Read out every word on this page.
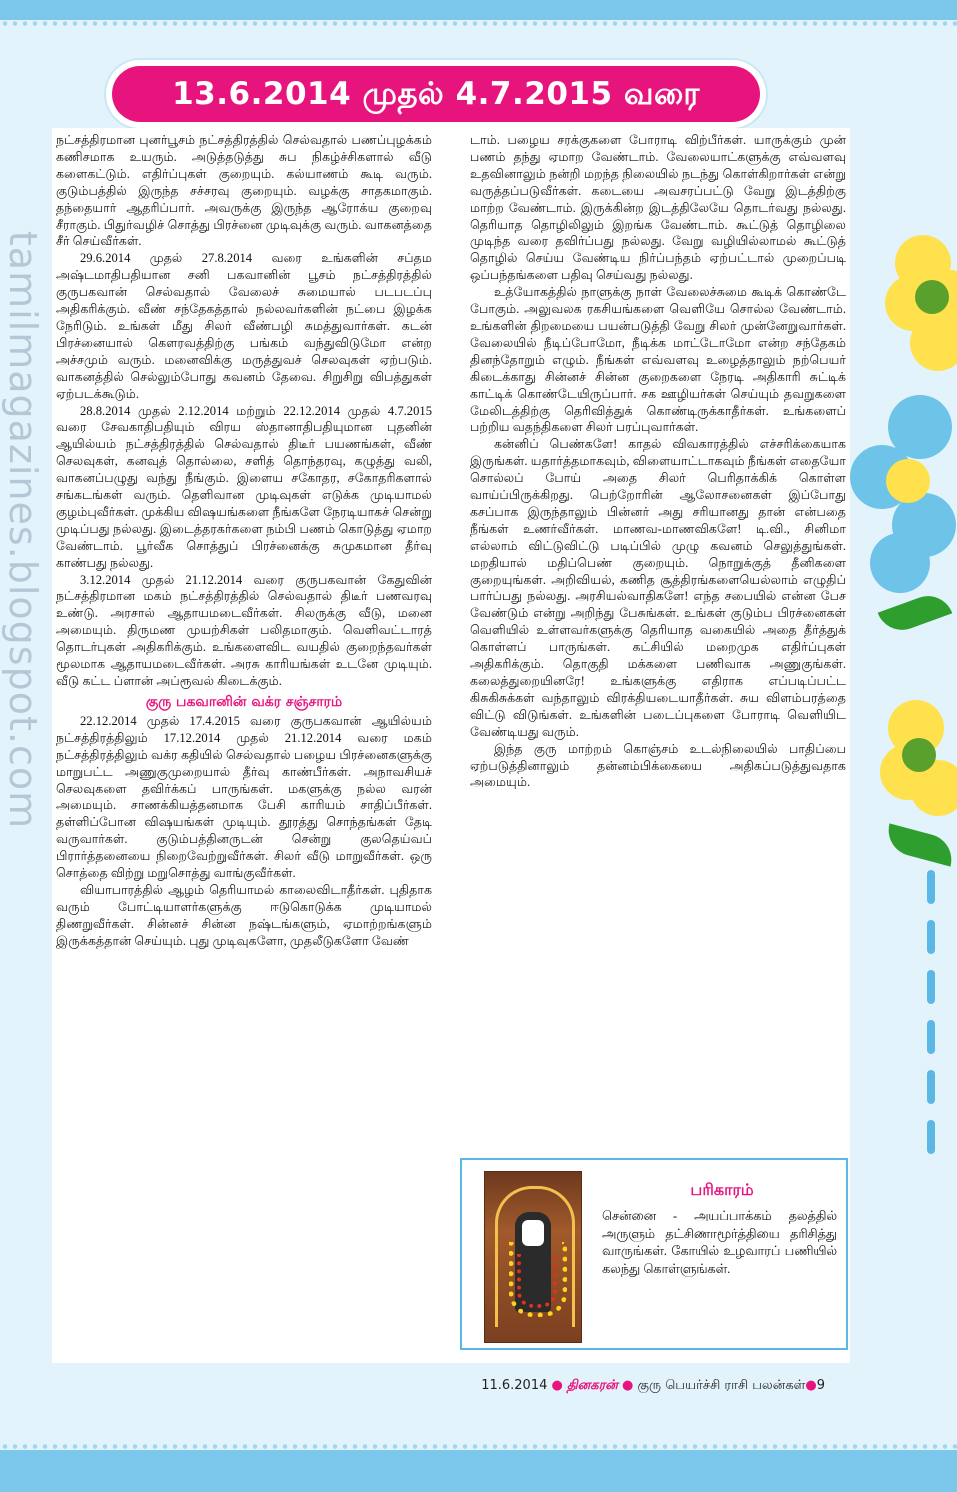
tamilmagazines.blogspot.com
13.6.2014 முதல் 4.7.2015 வரை

நட்சத்திரமான புனர்பூசம் நட்சத்திரத்தில் செல்வதால் பணப்புழக்கம் கணிசமாக உயரும். அடுத்தடுத்து சுப நிகழ்ச்சிகளால் வீடு களைகட்டும். எதிர்ப்புகள் குறையும். கல்யாணம் கூடி வரும். குடும்பத்தில் இருந்த சச்சரவு குறையும். வழக்கு சாதகமாகும். தந்தையார் ஆதரிப்பார். அவருக்கு இருந்த ஆரோக்ய குறைவு சீராகும். பிதுர்வழிச் சொத்து பிரச்னை முடிவுக்கு வரும். வாகனத்தை சீர் செய்வீர்கள்.

29.6.2014 முதல் 27.8.2014 வரை உங்களின் சப்தம அஷ்டமாதிபதியான சனி பகவானின் பூசம் நட்சத்திரத்தில் குருபகவான் செல்வதால் வேலைச் சுமையால் படபடப்பு அதிகரிக்கும். வீண் சந்தேகத்தால் நல்லவர்களின் நட்பை இழக்க நேரிடும். உங்கள் மீது சிலர் வீண்பழி சுமத்துவார்கள். கடன் பிரச்னையால் கௌரவத்திற்கு பங்கம் வந்துவிடுமோ என்ற அச்சமும் வரும். மனைவிக்கு மருத்துவச் செலவுகள் ஏற்படும். வாகனத்தில் செல்லும்போது கவனம் தேவை. சிறுசிறு விபத்துகள் ஏற்படக்கூடும்.

28.8.2014 முதல் 2.12.2014 மற்றும் 22.12.2014 முதல் 4.7.2015 வரை சேவகாதிபதியும் விரய ஸ்தானாதிபதியுமான புதனின் ஆயில்யம் நட்சத்திரத்தில் செல்வதால் திடீர் பயணங்கள், வீண் செலவுகள், கனவுத் தொல்லை, சளித் தொந்தரவு, கழுத்து வலி, வாகனப்பழுது வந்து நீங்கும். இளைய சகோதர, சகோதரிகளால் சங்கடங்கள் வரும். தெளிவான முடிவுகள் எடுக்க முடியாமல் குழம்புவீர்கள். முக்கிய விஷயங்களை நீங்களே நேரடியாகச் சென்று முடிப்பது நல்லது. இடைத்தரகர்களை நம்பி பணம் கொடுத்து ஏமாற வேண்டாம். பூர்வீக சொத்துப் பிரச்னைக்கு சுமுகமான தீர்வு காண்பது நல்லது.

3.12.2014 முதல் 21.12.2014 வரை குருபகவான் கேதுவின் நட்சத்திரமான மகம் நட்சத்திரத்தில் செல்வதால் திடீர் பணவரவு உண்டு. அரசால் ஆதாயமடைவீர்கள். சிலருக்கு வீடு, மனை அமையும். திருமண முயற்சிகள் பலிதமாகும். வெளிவட்டாரத் தொடர்புகள் அதிகரிக்கும். உங்களைவிட வயதில் குறைந்தவர்கள் மூலமாக ஆதாயமடைவீர்கள். அரசு காரியங்கள் உடனே முடியும். வீடு கட்ட ப்ளான் அப்ரூவல் கிடைக்கும்.

குரு பகவானின் வக்ர சஞ்சாரம்

22.12.2014 முதல் 17.4.2015 வரை குருபகவான் ஆயில்யம் நட்சத்திரத்திலும் 17.12.2014 முதல் 21.12.2014 வரை மகம் நட்சத்திரத்திலும் வக்ர கதியில் செல்வதால் பழைய பிரச்னைகளுக்கு மாறுபட்ட அணுகுமுறையால் தீர்வு காண்பீர்கள். அநாவசியச் செலவுகளை தவிர்க்கப் பாருங்கள். மகளுக்கு நல்ல வரன் அமையும். சாணக்கியத்தனமாக பேசி காரியம் சாதிப்பீர்கள். தள்ளிப்போன விஷயங்கள் முடியும். தூரத்து சொந்தங்கள் தேடி வருவார்கள். குடும்பத்தினருடன் சென்று குலதெய்வப் பிரார்த்தனையை நிறைவேற்றுவீர்கள். சிலர் வீடு மாறுவீர்கள். ஒரு சொத்தை விற்று மறுசொத்து வாங்குவீர்கள்.

வியாபாரத்தில் ஆழம் தெரியாமல் காலைவிடாதீர்கள். புதிதாக வரும் போட்டியாளர்களுக்கு ஈடுகொடுக்க முடியாமல் திணறுவீர்கள். சின்னச் சின்ன நஷ்டங்களும், ஏமாற்றங்களும் இருக்கத்தான் செய்யும். புது முடிவுகளோ, முதலீடுகளோ வேண்

டாம். பழைய சரக்குகளை போராடி விற்பீர்கள். யாருக்கும் முன் பணம் தந்து ஏமாற வேண்டாம். வேலையாட்களுக்கு எவ்வளவு உதவினாலும் நன்றி மறந்த நிலையில் நடந்து கொள்கிறார்கள் என்று வருத்தப்படுவீர்கள். கடையை அவசரப்பட்டு வேறு இடத்திற்கு மாற்ற வேண்டாம். இருக்கின்ற இடத்திலேயே தொடர்வது நல்லது. தெரியாத தொழிலிலும் இறங்க வேண்டாம். கூட்டுத் தொழிலை முடிந்த வரை தவிர்ப்பது நல்லது. வேறு வழியில்லாமல் கூட்டுத் தொழில் செய்ய வேண்டிய நிர்ப்பந்தம் ஏற்பட்டால் முறைப்படி ஒப்பந்தங்களை பதிவு செய்வது நல்லது.

உத்யோகத்தில் நாளுக்கு நாள் வேலைச்சுமை கூடிக் கொண்டே போகும். அலுவலக ரகசியங்களை வெளியே சொல்ல வேண்டாம். உங்களின் திறமையை பயன்படுத்தி வேறு சிலர் முன்னேறுவார்கள். வேலையில் நீடிப்போமோ, நீடிக்க மாட்டோமோ என்ற சந்தேகம் தினந்தோறும் எழும். நீங்கள் எவ்வளவு உழைத்தாலும் நற்பெயர் கிடைக்காது சின்னச் சின்ன குறைகளை நேரடி அதிகாரி சுட்டிக் காட்டிக் கொண்டேயிருப்பார். சக ஊழியர்கள் செய்யும் தவறுகளை மேலிடத்திற்கு தெரிவித்துக் கொண்டிருக்காதீர்கள். உங்களைப் பற்றிய வதந்திகளை சிலர் பரப்புவார்கள்.

கன்னிப் பெண்களே! காதல் விவகாரத்தில் எச்சரிக்கையாக இருங்கள். யதார்த்தமாகவும், விளையாட்டாகவும் நீங்கள் எதையோ சொல்லப் போய் அதை சிலர் பெரிதாக்கிக் கொள்ள வாய்ப்பிருக்கிறது. பெற்றோரின் ஆலோசனைகள் இப்போது கசப்பாக இருந்தாலும் பின்னர் அது சரியானது தான் என்பதை நீங்கள் உணர்வீர்கள். மாணவ-மாணவிகளே! டி.வி., சினிமா எல்லாம் விட்டுவிட்டு படிப்பில் முழு கவனம் செலுத்துங்கள். மறதியால் மதிப்பெண் குறையும். நொறுக்குத் தீனிகளை குறையுங்கள். அறிவியல், கணித சூத்திரங்களையெல்லாம் எழுதிப் பார்ப்பது நல்லது. அரசியல்வாதிகளே! எந்த சபையில் என்ன பேச வேண்டும் என்று அறிந்து பேசுங்கள். உங்கள் குடும்ப பிரச்னைகள் வெளியில் உள்ளவர்களுக்கு தெரியாத வகையில் அதை தீர்த்துக் கொள்ளப் பாருங்கள். கட்சியில் மறைமுக எதிர்ப்புகள் அதிகரிக்கும். தொகுதி மக்களை பணிவாக அணுகுங்கள். கலைத்துறையினரே! உங்களுக்கு எதிராக எப்படிப்பட்ட கிசுகிசுக்கள் வந்தாலும் விரக்தியடையாதீர்கள். சுய விளம்பரத்தை விட்டு விடுங்கள். உங்களின் படைப்புகளை போராடி வெளியிட வேண்டியது வரும்.

இந்த குரு மாற்றம் கொஞ்சம் உடல்நிலையில் பாதிப்பை ஏற்படுத்தினாலும் தன்னம்பிக்கையை அதிகப்படுத்துவதாக அமையும்.

பரிகாரம்
சென்னை - அயப்பாக்கம் தலத்தில் அருளும் தட்சிணாமூர்த்தியை தரிசித்து வாருங்கள். கோயில் உழவாரப் பணியில் கலந்து கொள்ளுங்கள்.
11.6.2014 ● தினகரன் ● குரு பெயர்ச்சி ராசி பலன்கள்●9
